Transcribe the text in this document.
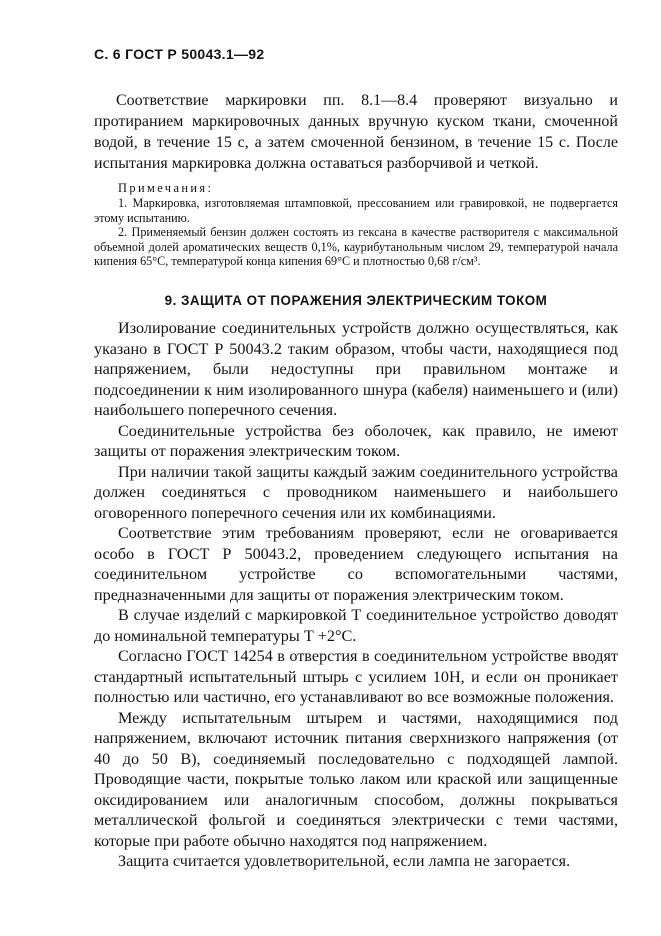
С. 6 ГОСТ Р 50043.1—92

Соответствие маркировки пп. 8.1—8.4 проверяют визуально и протиранием маркировочных данных вручную куском ткани, смоченной водой, в течение 15 с, а затем смоченной бензином, в течение 15 с. После испытания маркировка должна оставаться разборчивой и четкой.

Примечания:

1. Маркировка, изготовляемая штамповкой, прессованием или гравировкой, не подвергается этому испытанию.

2. Применяемый бензин должен состоять из гексана в качестве растворителя с максимальной объемной долей ароматических веществ 0,1%, каурибутанольным числом 29, температурой начала кипения 65°C, температурой конца кипения 69°C и плотностью 0,68 г/см³.

9. ЗАЩИТА ОТ ПОРАЖЕНИЯ ЭЛЕКТРИЧЕСКИМ ТОКОМ

Изолирование соединительных устройств должно осуществляться, как указано в ГОСТ Р 50043.2 таким образом, чтобы части, находящиеся под напряжением, были недоступны при правильном монтаже и подсоединении к ним изолированного шнура (кабеля) наименьшего и (или) наибольшего поперечного сечения.

Соединительные устройства без оболочек, как правило, не имеют защиты от поражения электрическим током.

При наличии такой защиты каждый зажим соединительного устройства должен соединяться с проводником наименьшего и наибольшего оговоренного поперечного сечения или их комбинациями.

Соответствие этим требованиям проверяют, если не оговаривается особо в ГОСТ Р 50043.2, проведением следующего испытания на соединительном устройстве со вспомогательными частями, предназначенными для защиты от поражения электрическим током.

В случае изделий с маркировкой Т соединительное устройство доводят до номинальной температуры Т +2°С.

Согласно ГОСТ 14254 в отверстия в соединительном устройстве вводят стандартный испытательный штырь с усилием 10Н, и если он проникает полностью или частично, его устанавливают во все возможные положения.

Между испытательным штырем и частями, находящимися под напряжением, включают источник питания сверхнизкого напряжения (от 40 до 50 В), соединяемый последовательно с подходящей лампой. Проводящие части, покрытые только лаком или краской или защищенные оксидированием или аналогичным способом, должны покрываться металлической фольгой и соединяться электрически с теми частями, которые при работе обычно находятся под напряжением.

Защита считается удовлетворительной, если лампа не загорается.
